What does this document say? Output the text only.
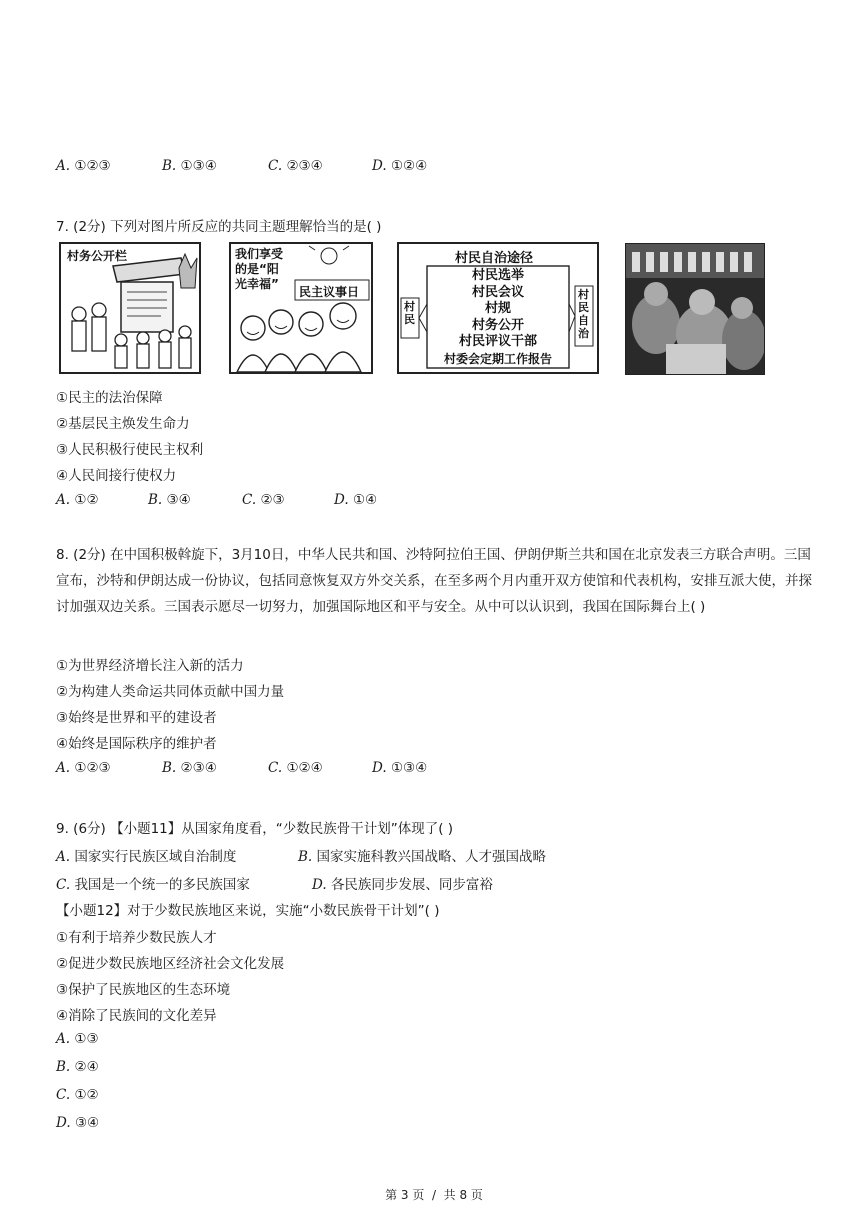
A. ①②③	B. ①③④	C. ②③④	D. ①②④
7. (2分) 下列对图片所反应的共同主题理解恰当的是( )
村务公开栏	我们享受
的是“阳
光幸福”
民主议事日
村民自治途径
村民
村民自治
村民选举
村民会议
村规
村务公开
村民评议干部
村委会定期工作报告
①民主的法治保障
②基层民主焕发生命力
③人民积极行使民主权利
④人民间接行使权力
A. ①②	B. ③④	C. ②③	D. ①④
8. (2分) 在中国积极斡旋下，3月10日，中华人民共和国、沙特阿拉伯王国、伊朗伊斯兰共和国在北京发表三方联合声明。三国宣布，沙特和伊朗达成一份协议，包括同意恢复双方外交关系，在至多两个月内重开双方使馆和代表机构，安排互派大使，并探讨加强双边关系。三国表示愿尽一切努力，加强国际地区和平与安全。从中可以认识到，我国在国际舞台上( )
①为世界经济增长注入新的活力
②为构建人类命运共同体贡献中国力量
③始终是世界和平的建设者
④始终是国际秩序的维护者
A. ①②③	B. ②③④	C. ①②④	D. ①③④
9. (6分) 【小题11】从国家角度看，“少数民族骨干计划”体现了( )
A. 国家实行民族区域自治制度	B. 国家实施科教兴国战略、人才强国战略
C. 我国是一个统一的多民族国家	D. 各民族同步发展、同步富裕
【小题12】对于少数民族地区来说，实施“小数民族骨干计划”( )
①有利于培养少数民族人才
②促进少数民族地区经济社会文化发展
③保护了民族地区的生态环境
④消除了民族间的文化差异
A. ①③
B. ②④
C. ①②
D. ③④
第 3 页  /  共 8 页
